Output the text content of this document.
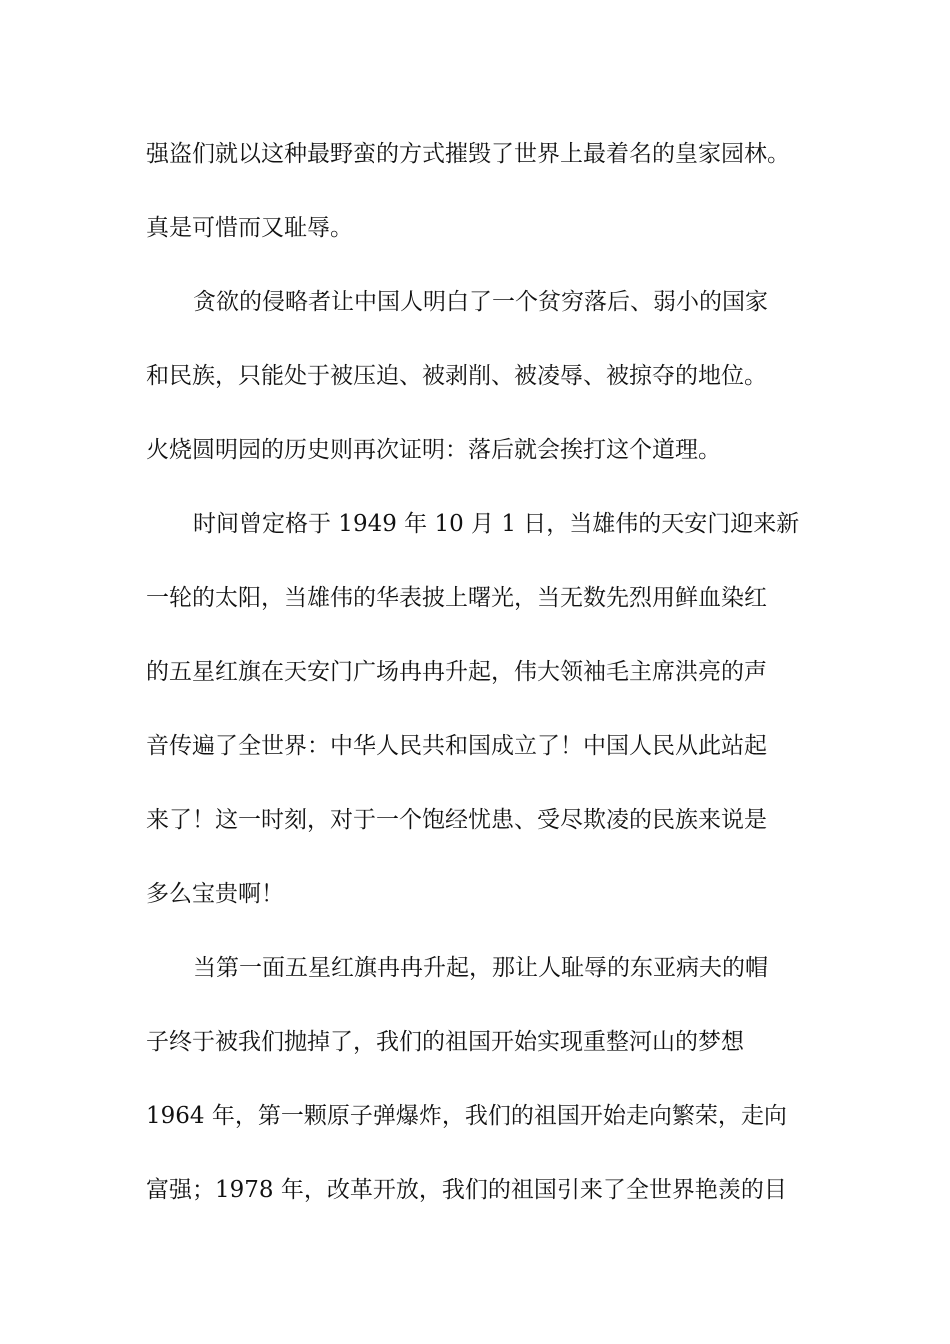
强盗们就以这种最野蛮的方式摧毁了世界上最着名的皇家园林。
真是可惜而又耻辱。
贪欲的侵略者让中国人明白了一个贫穷落后、弱小的国家
和民族，只能处于被压迫、被剥削、被凌辱、被掠夺的地位。
火烧圆明园的历史则再次证明：落后就会挨打这个道理。
时间曾定格于 1949 年 10 月 1 日，当雄伟的天安门迎来新
一轮的太阳，当雄伟的华表披上曙光，当无数先烈用鲜血染红
的五星红旗在天安门广场冉冉升起，伟大领袖毛主席洪亮的声
音传遍了全世界：中华人民共和国成立了！中国人民从此站起
来了！这一时刻，对于一个饱经忧患、受尽欺凌的民族来说是
多么宝贵啊！
当第一面五星红旗冉冉升起，那让人耻辱的东亚病夫的帽
子终于被我们抛掉了，我们的祖国开始实现重整河山的梦想
1964 年，第一颗原子弹爆炸，我们的祖国开始走向繁荣，走向
富强；1978 年，改革开放，我们的祖国引来了全世界艳羡的目
